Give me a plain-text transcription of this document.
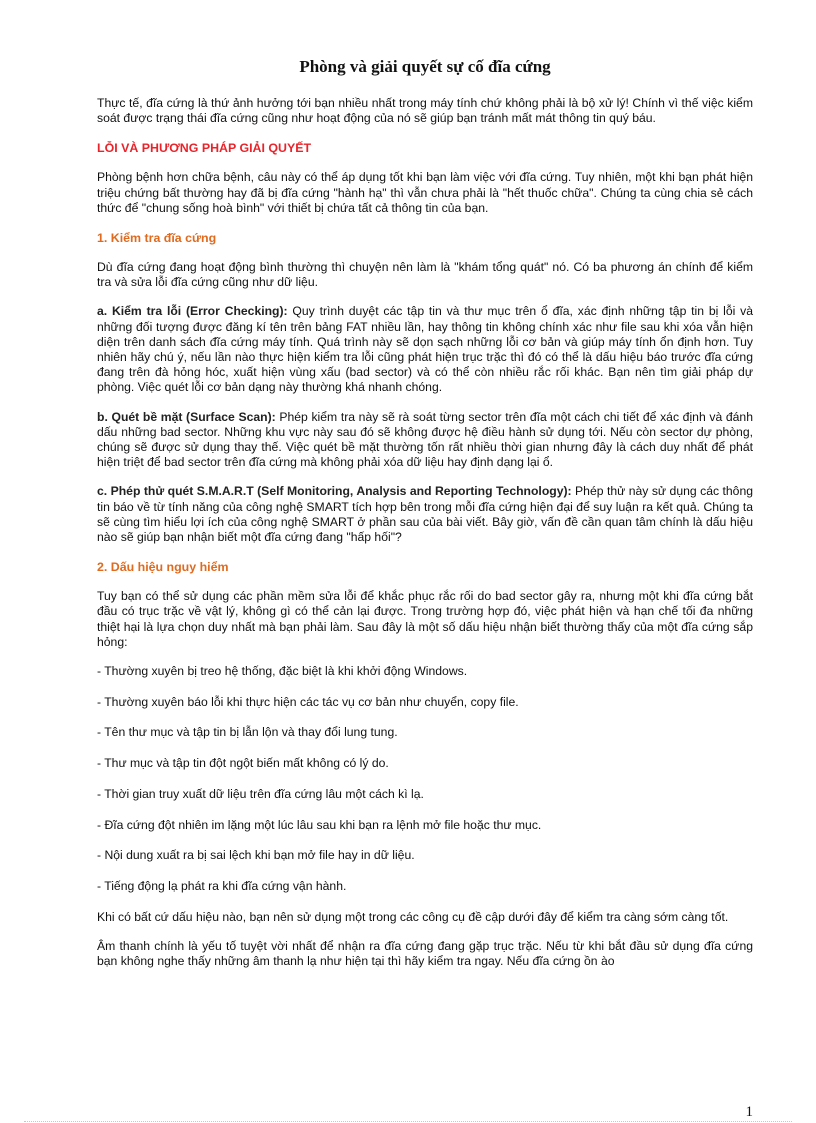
Phòng và giải quyết sự cố đĩa cứng

Thực tế, đĩa cứng là thứ ảnh hưởng tới bạn nhiều nhất trong máy tính chứ không phải là bộ xử lý! Chính vì thế việc kiểm soát được trạng thái đĩa cứng cũng như hoạt động của nó sẽ giúp bạn tránh mất mát thông tin quý báu.

LỖI VÀ PHƯƠNG PHÁP GIẢI QUYẾT

Phòng bệnh hơn chữa bệnh, câu này có thể áp dụng tốt khi bạn làm việc với đĩa cứng. Tuy nhiên, một khi bạn phát hiện triệu chứng bất thường hay đã bị đĩa cứng "hành hạ" thì vẫn chưa phải là "hết thuốc chữa". Chúng ta cùng chia sẻ cách thức để "chung sống hoà bình" với thiết bị chứa tất cả thông tin của bạn.

1. Kiểm tra đĩa cứng

Dù đĩa cứng đang hoạt động bình thường thì chuyện nên làm là "khám tổng quát" nó. Có ba phương án chính để kiểm tra và sửa lỗi đĩa cứng cũng như dữ liệu.

a. Kiểm tra lỗi (Error Checking): Quy trình duyệt các tập tin và thư mục trên ổ đĩa, xác định những tập tin bị lỗi và những đối tượng được đăng kí tên trên bảng FAT nhiều lần, hay thông tin không chính xác như file sau khi xóa vẫn hiện diện trên danh sách đĩa cứng máy tính. Quá trình này sẽ dọn sạch những lỗi cơ bản và giúp máy tính ổn định hơn. Tuy nhiên hãy chú ý, nếu lần nào thực hiện kiểm tra lỗi cũng phát hiện trục trặc thì đó có thể là dấu hiệu báo trước đĩa cứng đang trên đà hỏng hóc, xuất hiện vùng xấu (bad sector) và có thể còn nhiều rắc rối khác. Bạn nên tìm giải pháp dự phòng. Việc quét lỗi cơ bản dạng này thường khá nhanh chóng.

b. Quét bề mặt (Surface Scan): Phép kiểm tra này sẽ rà soát từng sector trên đĩa một cách chi tiết để xác định và đánh dấu những bad sector. Những khu vực này sau đó sẽ không được hệ điều hành sử dụng tới. Nếu còn sector dự phòng, chúng sẽ được sử dụng thay thế. Việc quét bề mặt thường tốn rất nhiều thời gian nhưng đây là cách duy nhất để phát hiện triệt để bad sector trên đĩa cứng mà không phải xóa dữ liệu hay định dạng lại ổ.

c. Phép thử quét S.M.A.R.T (Self Monitoring, Analysis and Reporting Technology): Phép thử này sử dụng các thông tin báo về từ tính năng của công nghệ SMART tích hợp bên trong mỗi đĩa cứng hiện đại để suy luận ra kết quả. Chúng ta sẽ cùng tìm hiểu lợi ích của công nghệ SMART ở phần sau của bài viết. Bây giờ, vấn đề cần quan tâm chính là dấu hiệu nào sẽ giúp bạn nhận biết một đĩa cứng đang "hấp hối"?

2. Dấu hiệu nguy hiểm

Tuy bạn có thể sử dụng các phần mềm sửa lỗi để khắc phục rắc rối do bad sector gây ra, nhưng một khi đĩa cứng bắt đầu có trục trặc về vật lý, không gì có thể cản lại được. Trong trường hợp đó, việc phát hiện và hạn chế tối đa những thiệt hại là lựa chọn duy nhất mà bạn phải làm. Sau đây là một số dấu hiệu nhận biết thường thấy của một đĩa cứng sắp hỏng:

- Thường xuyên bị treo hệ thống, đặc biệt là khi khởi động Windows.

- Thường xuyên báo lỗi khi thực hiện các tác vụ cơ bản như chuyển, copy file.

- Tên thư mục và tập tin bị lẫn lộn và thay đổi lung tung.

- Thư mục và tập tin đột ngột biến mất không có lý do.

- Thời gian truy xuất dữ liệu trên đĩa cứng lâu một cách kì lạ.

- Đĩa cứng đột nhiên im lặng một lúc lâu sau khi bạn ra lệnh mở file hoặc thư mục.

- Nội dung xuất ra bị sai lệch khi bạn mở file hay in dữ liệu.

- Tiếng động lạ phát ra khi đĩa cứng vận hành.

Khi có bất cứ dấu hiệu nào, bạn nên sử dụng một trong các công cụ đề cập dưới đây để kiểm tra càng sớm càng tốt.

Âm thanh chính là yếu tố tuyệt vời nhất để nhận ra đĩa cứng đang gặp trục trặc. Nếu từ khi bắt đầu sử dụng đĩa cứng bạn không nghe thấy những âm thanh lạ như hiện tại thì hãy kiểm tra ngay. Nếu đĩa cứng ồn ào

1
